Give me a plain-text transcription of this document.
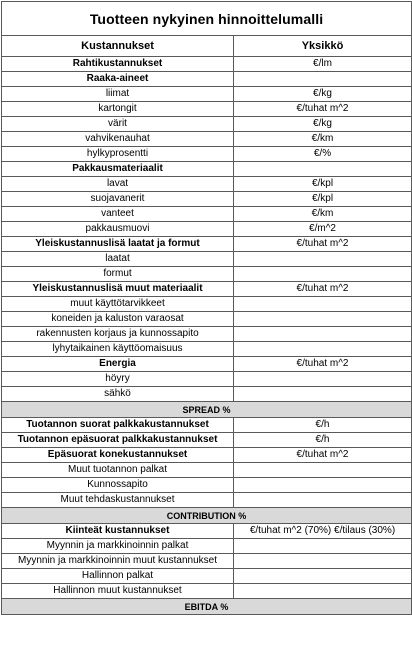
Tuotteen nykyinen hinnoittelumalli	
Kustannukset	Yksikkö
Rahtikustannukset	€/lm
Raaka-aineet	
liimat	€/kg
kartongit	€/tuhat m^2
värit	€/kg
vahvikenauhat	€/km
hylkyprosentti	€/%
Pakkausmateriaalit	
lavat	€/kpl
suojavanerit	€/kpl
vanteet	€/km
pakkausmuovi	€/m^2
Yleiskustannuslisä laatat ja formut	€/tuhat m^2
laatat	
formut	
Yleiskustannuslisä muut materiaalit	€/tuhat m^2
muut käyttötarvikkeet	
koneiden ja kaluston varaosat	
rakennusten korjaus ja kunnossapito	
lyhytaikainen käyttöomaisuus	
Energia	€/tuhat m^2
höyry	
sähkö	
SPREAD %	
Tuotannon suorat palkkakustannukset	€/h
Tuotannon epäsuorat palkkakustannukset	€/h
Epäsuorat konekustannukset	€/tuhat m^2
Muut tuotannon palkat	
Kunnossapito	
Muut tehdaskustannukset	
CONTRIBUTION %	
Kiinteät kustannukset	€/tuhat m^2 (70%) €/tilaus (30%)
Myynnin ja markkinoinnin palkat	
Myynnin ja markkinoinnin muut kustannukset	
Hallinnon palkat	
Hallinnon muut kustannukset	
EBITDA %	
